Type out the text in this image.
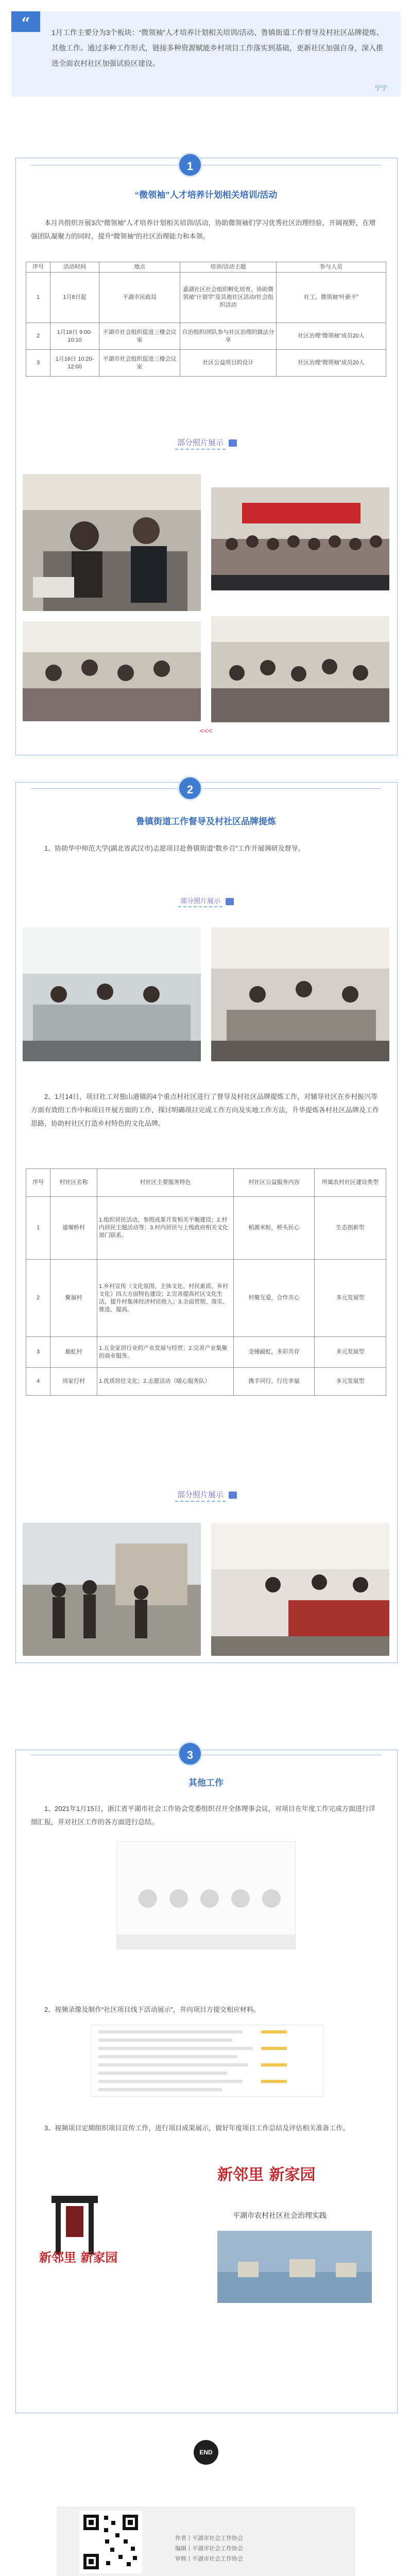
“	1月工作主要分为3个板块：“微领袖”人才培养计划相关培训/活动、鲁镇街道工作督导及村社区品牌提炼、其他工作。通过多种工作形式，链接多种资源赋能乡村项目工作落实到基础，更新社区加强自身，深入推进全面农村社区加强试验区建设。
宁宁
1
“微领袖”人才培养计划相关培训/活动
本月共组织开展3次“微领袖”人才培养计划相关培训/活动，协助微领袖们学习优秀社区治理经验，开阔视野，在增强团队凝聚力的同时，提升“微领袖”的社区治理能力和本领。
序号	活动时间	地点	培训/活动主题	参与人员
1	1月8日起	平湖市民政局	嘉湖社区社会组织孵化培育，协助微领袖“计划学”及其他社区活动/社会组织活动	社工、微领袖“叶新平”
2	1月16日 9:00-10:10	平湖市社会组织促进三楼会议室	自治组织/团队参与社区治理的做法分享	社区治理“微领袖”成员20人
3	1月16日 10:20-12:00	平湖市社会组织促进三楼会议室	社区公益项目的设计	社区治理“微领袖”成员20人
部分照片展示
<<<
2
鲁镇街道工作督导及村社区品牌提炼
1、协助华中师范大学(湖北省武汉市)志愿项目赴鲁镇街道“数乡百”工作开展调研及督导。
部分照片展示
2、1月14日，项目社工对独山港镇的4个重点村社区进行了督导及村社区品牌提炼工作，对辅导社区在乡村振兴等方面有效的工作中和项目开展方面的工作，探讨明确项目完成工作方向及实地工作方法，升华提炼各村社区品牌及工作思路，协助村社区打造乡村特色的文化品牌。
序号	村社区名称	村社区主要服务特色	村社区公益服务内容	所属农村社区建设类型
1	道堰桥村	1.组织居民活动，参照成果开发相关平衡建设；2.村内居民主题活动等；3.村内居民与上级政府相关文化部门联系。	稻源米粒，桥头民心	生态创新型
2	聚福村	1.乡村宣传（文化氛围、主体文化、村民素质、乡村文化）四大方面特色建设；2.完善提高社区文化生活，提升村集体经济村民收入；3.全面贯彻、落实、推进、提高。	村聚互爱，合作共心	多元发展型
3	廊虹村	1.五金家居行业的产业发展与经营；2.完善产业集聚的商业服务。	金锤敲虹，多彩共存	多元发展型
4	周家行村	1.优质居住文化；2.志愿活动（暖心服务队）	携手同行，行往幸福	多元发展型
部分照片展示
3
其他工作
1、2021年1月15日，浙江省平湖市社会工作协会党委组织召开全体理事会议，对项目在年度工作完成方面进行详细汇报，并对社区工作的各方面进行总结。
2、视频录像及制作“社区项目线下活动展示”，并向项目方提交相应材料。
3、视频项目定期组织项目宣传工作，进行项目成果展示，做好年度项目工作总结及评估相关准备工作。
新邻里 新家园
新邻里 新家园
平湖市农村社区社会治理实践
END
作者丨平湖市社会工作协会
编辑丨平湖市社会工作协会
审核丨平湖市社会工作协会
